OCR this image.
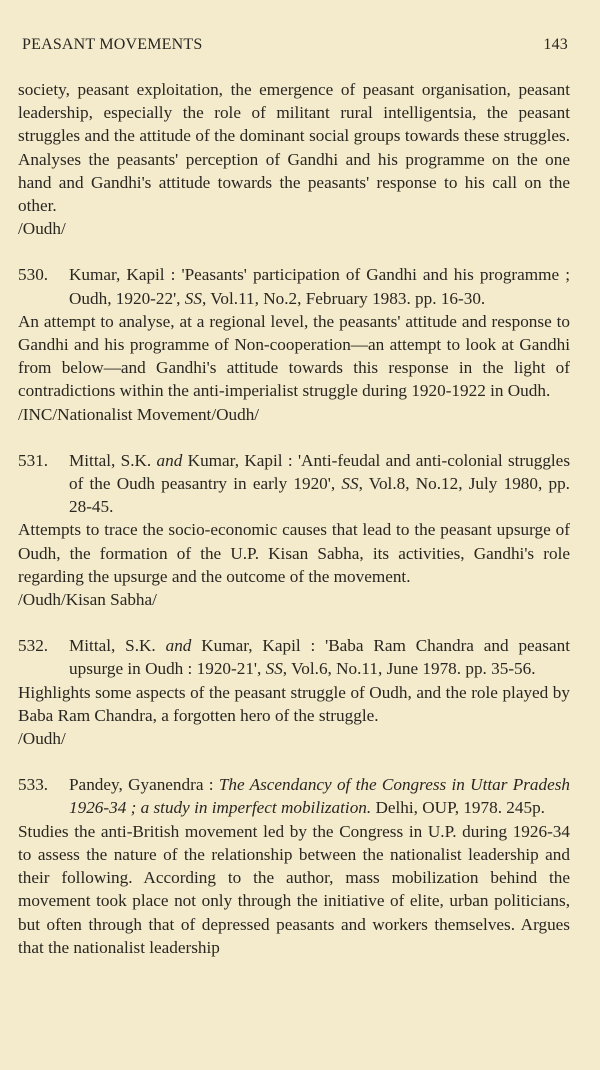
PEASANT MOVEMENTS	143

society, peasant exploitation, the emergence of peasant organisation, peasant leadership, especially the role of militant rural intelligentsia, the peasant struggles and the attitude of the dominant social groups towards these struggles. Analyses the peasants' perception of Gandhi and his programme on the one hand and Gandhi's attitude towards the peasants' response to his call on the other.

/Oudh/

530.	Kumar, Kapil : 'Peasants' participation of Gandhi and his programme ; Oudh, 1920-22', SS, Vol.11, No.2, February 1983. pp. 16-30.

An attempt to analyse, at a regional level, the peasants' attitude and response to Gandhi and his programme of Non-cooperation—an attempt to look at Gandhi from below—and Gandhi's attitude towards this response in the light of contradictions within the anti-imperialist struggle during 1920-1922 in Oudh.

/INC/Nationalist Movement/Oudh/

531.	Mittal, S.K. and Kumar, Kapil : 'Anti-feudal and anti-colonial struggles of the Oudh peasantry in early 1920', SS, Vol.8, No.12, July 1980, pp. 28-45.

Attempts to trace the socio-economic causes that lead to the peasant upsurge of Oudh, the formation of the U.P. Kisan Sabha, its activities, Gandhi's role regarding the upsurge and the outcome of the movement.

/Oudh/Kisan Sabha/

532.	Mittal, S.K. and Kumar, Kapil : 'Baba Ram Chandra and peasant upsurge in Oudh : 1920-21', SS, Vol.6, No.11, June 1978. pp. 35-56.

Highlights some aspects of the peasant struggle of Oudh, and the role played by Baba Ram Chandra, a forgotten hero of the struggle.

/Oudh/

533.	Pandey, Gyanendra : The Ascendancy of the Congress in Uttar Pradesh 1926-34 ; a study in imperfect mobilization. Delhi, OUP, 1978. 245p.

Studies the anti-British movement led by the Congress in U.P. during 1926-34 to assess the nature of the relationship between the nationalist leadership and their following. According to the author, mass mobilization behind the movement took place not only through the initiative of elite, urban politicians, but often through that of depressed peasants and workers themselves. Argues that the nationalist leadership
